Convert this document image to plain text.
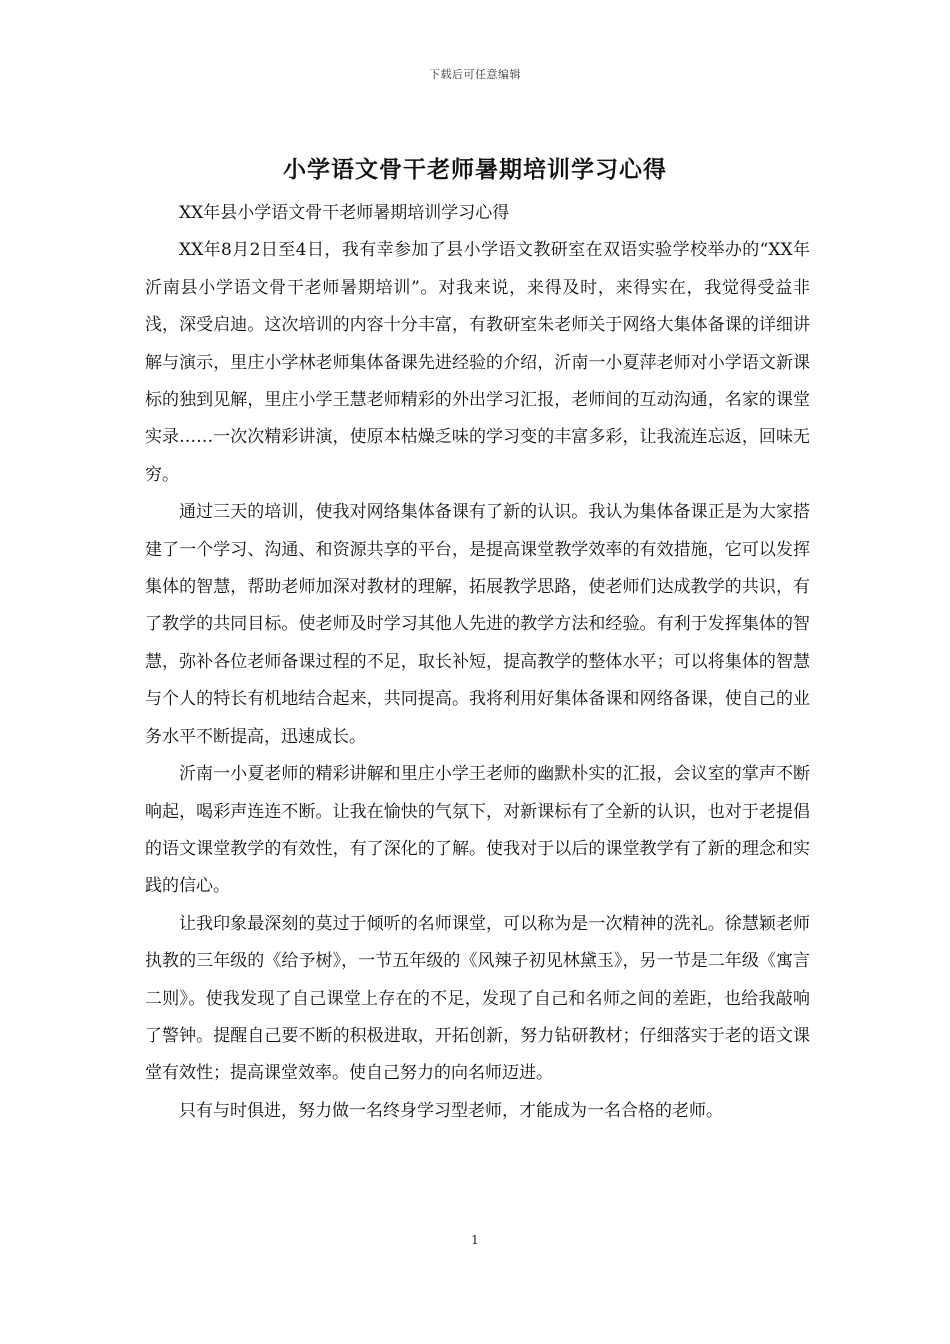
下载后可任意编辑
小学语文骨干老师暑期培训学习心得

XX年县小学语文骨干老师暑期培训学习心得

XX年8月2日至4日，我有幸参加了县小学语文教研室在双语实验学校举办的“XX年沂南县小学语文骨干老师暑期培训”。对我来说，来得及时，来得实在，我觉得受益非浅，深受启迪。这次培训的内容十分丰富，有教研室朱老师关于网络大集体备课的详细讲解与演示，里庄小学林老师集体备课先进经验的介绍，沂南一小夏萍老师对小学语文新课标的独到见解，里庄小学王慧老师精彩的外出学习汇报，老师间的互动沟通，名家的课堂实录……一次次精彩讲演，使原本枯燥乏味的学习变的丰富多彩，让我流连忘返，回味无穷。

通过三天的培训，使我对网络集体备课有了新的认识。我认为集体备课正是为大家搭建了一个学习、沟通、和资源共享的平台，是提高课堂教学效率的有效措施，它可以发挥集体的智慧，帮助老师加深对教材的理解，拓展教学思路，使老师们达成教学的共识，有了教学的共同目标。使老师及时学习其他人先进的教学方法和经验。有利于发挥集体的智慧，弥补各位老师备课过程的不足，取长补短，提高教学的整体水平；可以将集体的智慧与个人的特长有机地结合起来，共同提高。我将利用好集体备课和网络备课，使自己的业务水平不断提高，迅速成长。

沂南一小夏老师的精彩讲解和里庄小学王老师的幽默朴实的汇报，会议室的掌声不断响起，喝彩声连连不断。让我在愉快的气氛下，对新课标有了全新的认识，也对于老提倡的语文课堂教学的有效性，有了深化的了解。使我对于以后的课堂教学有了新的理念和实践的信心。

让我印象最深刻的莫过于倾听的名师课堂，可以称为是一次精神的洗礼。徐慧颖老师执教的三年级的《给予树》，一节五年级的《风辣子初见林黛玉》，另一节是二年级《寓言二则》。使我发现了自己课堂上存在的不足，发现了自己和名师之间的差距，也给我敲响了警钟。提醒自己要不断的积极进取，开拓创新，努力钻研教材；仔细落实于老的语文课堂有效性；提高课堂效率。使自己努力的向名师迈进。

只有与时俱进，努力做一名终身学习型老师，才能成为一名合格的老师。

1
